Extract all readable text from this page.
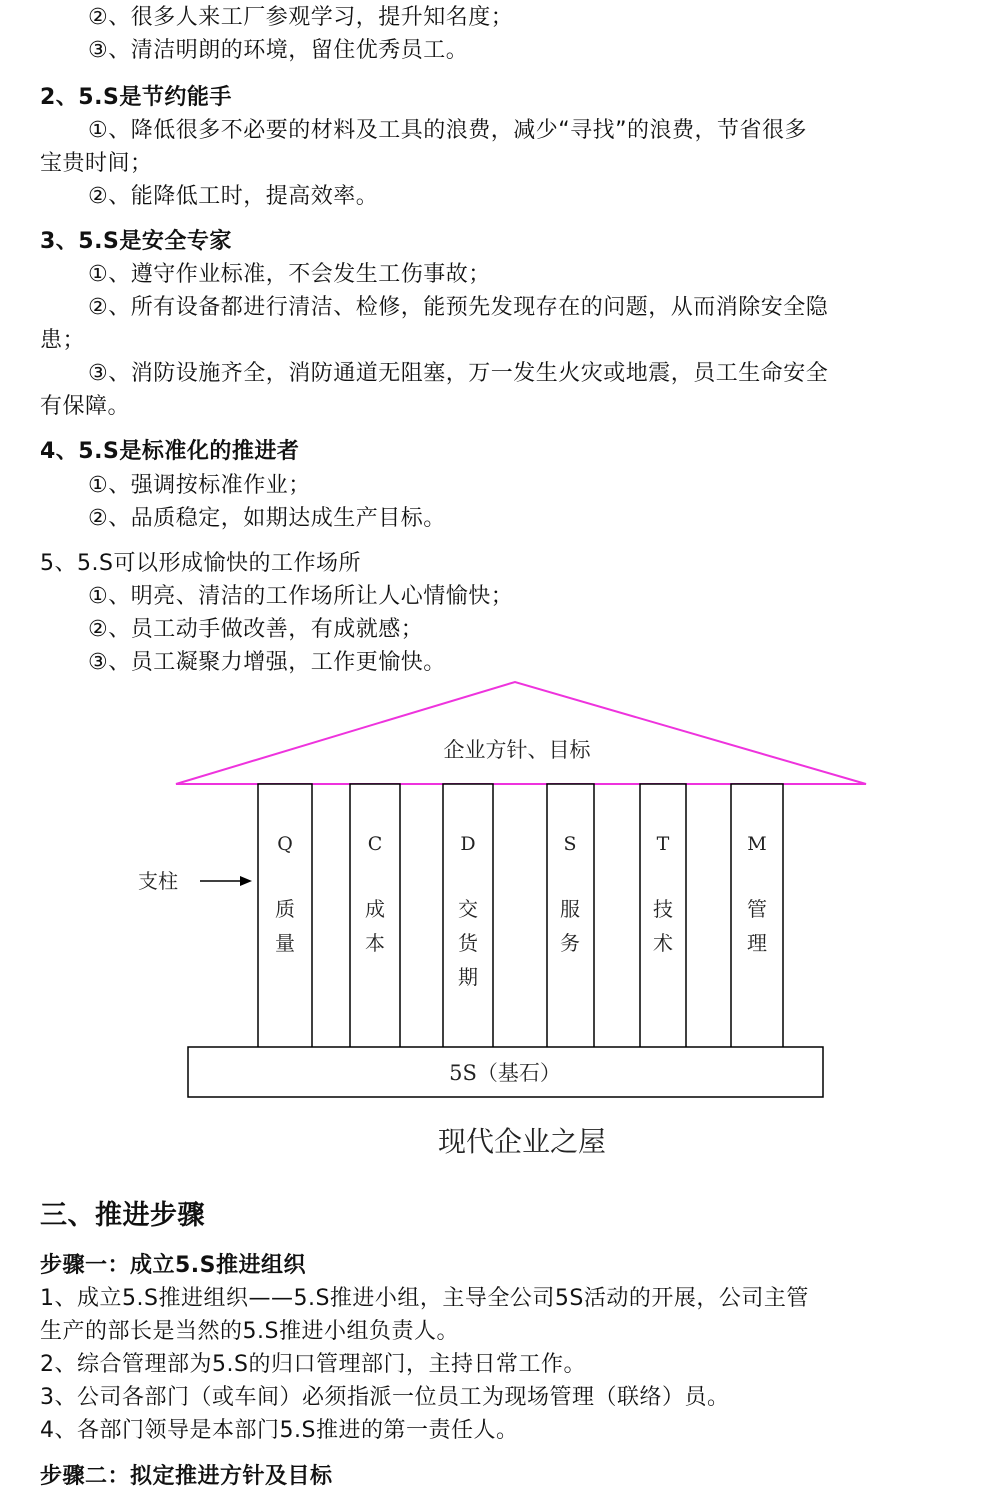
②、很多人来工厂参观学习，提升知名度；
③、清洁明朗的环境，留住优秀员工。
2、5.S是节约能手
①、降低很多不必要的材料及工具的浪费，减少“寻找”的浪费，节省很多
宝贵时间；
②、能降低工时，提高效率。
3、5.S是安全专家
①、遵守作业标准，不会发生工伤事故；
②、所有设备都进行清洁、检修，能预先发现存在的问题，从而消除安全隐
患；
③、消防设施齐全，消防通道无阻塞，万一发生火灾或地震，员工生命安全
有保障。
4、5.S是标准化的推进者
①、强调按标准作业；
②、品质稳定，如期达成生产目标。
5、5.S可以形成愉快的工作场所
①、明亮、清洁的工作场所让人心情愉快；
②、员工动手做改善，有成就感；
③、员工凝聚力增强，工作更愉快。
企业方针、目标
Q
质
量
C
成
本
D
交
货
期
S
服
务
T
技
术
M
管
理
支柱
5S（基石）
现代企业之屋
三、推进步骤
步骤一：成立5.S推进组织
1、成立5.S推进组织——5.S推进小组，主导全公司5S活动的开展，公司主管
生产的部长是当然的5.S推进小组负责人。
2、综合管理部为5.S的归口管理部门，主持日常工作。
3、公司各部门（或车间）必须指派一位员工为现场管理（联络）员。
4、各部门领导是本部门5.S推进的第一责任人。
步骤二：拟定推进方针及目标
